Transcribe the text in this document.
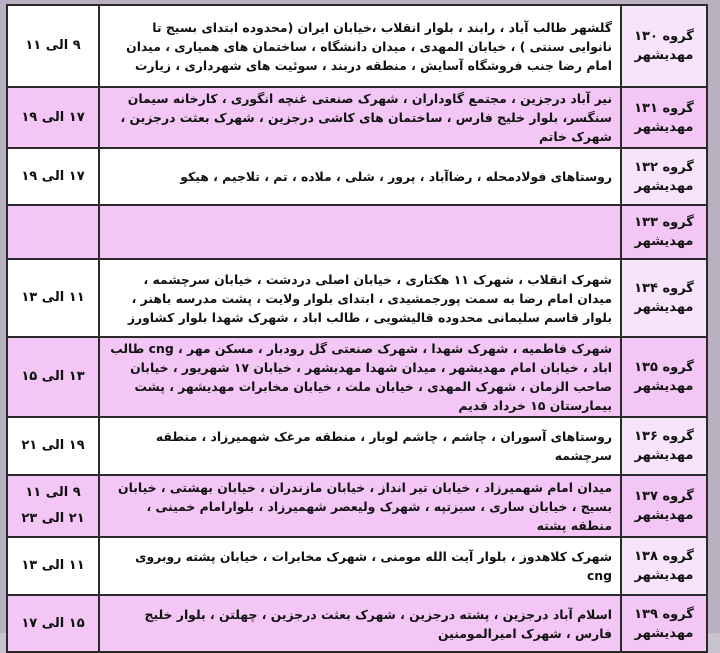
گروه ۱۳۰
مهدیشهر	گلشهر طالب آباد ، رابند ، بلوار انقلاب ،خیابان ایران (محدوده ابتدای بسیج تا نانوایی سنتی ) ، خیابان المهدی ، میدان دانشگاه ، ساختمان های همیاری ، میدان امام رضا جنب فروشگاه آسایش ، منطقه دربند ، سوئیت های شهرداری ، زیارت	۹ الی ۱۱

گروه ۱۳۱
مهدیشهر	نیر آباد درجزین ، مجتمع گاوداران ، شهرک صنعتی غنچه انگوری ، کارخانه سیمان سنگسر، بلوار خلیج فارس ، ساختمان های کاشی درجزین ، شهرک بعثت درجزین ، شهرک خاتم	۱۷ الی ۱۹

گروه ۱۳۲
مهدیشهر	روستاهای فولادمحله ، رضاآباد ، پرور ، شلی ، ملاده ، تم ، تلاجیم ، هیکو	۱۷ الی ۱۹

گروه ۱۳۳
مهدیشهر		

گروه ۱۳۴
مهدیشهر	شهرک انقلاب ، شهرک ۱۱ هکتاری ، خیابان اصلی دردشت ، خیابان سرچشمه ، میدان امام رضا به سمت پورجمشیدی ، ابتدای بلوار ولایت ، پشت مدرسه باهنر ، بلوار قاسم سلیمانی محدوده قالیشویی ، طالب اباد ، شهرک شهدا بلوار کشاورز	۱۱ الی ۱۳

گروه ۱۳۵
مهدیشهر	شهرک فاطمیه ، شهرک شهدا ، شهرک صنعتی گل رودبار ، مسکن مهر ، cng طالب اباد ، خیابان امام مهدیشهر ، میدان شهدا مهدیشهر ، خیابان ۱۷ شهریور ، خیابان صاحب الزمان ، شهرک المهدی ، خیابان ملت ، خیابان مخابرات مهدیشهر ، پشت بیمارستان ۱۵ خرداد قدیم	۱۳ الی ۱۵

گروه ۱۳۶
مهدیشهر	روستاهای آسوران ، چاشم ، چاشم لوبار ، منطقه مرغک شهمیرزاد ، منطقه سرچشمه	۱۹ الی ۲۱

گروه ۱۳۷
مهدیشهر	میدان امام شهمیرزاد ، خیابان تیر انداز ، خیابان مازندران ، خیابان بهشتی ، خیابان بسیج ، خیابان ساری ، سبزتپه ، شهرک ولیعصر شهمیرزاد ، بلوارامام خمینی ، منطقه پشته	۹ الی ۱۱
۲۱ الی ۲۳

گروه ۱۳۸
مهدیشهر	شهرک کلاهدوز ، بلوار آیت الله مومنی ، شهرک مخابرات ، خیابان پشته روبروی cng	۱۱ الی ۱۳

گروه ۱۳۹
مهدیشهر	اسلام آباد درجزین ، پشته درجزین ، شهرک بعثت درجزین ، چهلتن ، بلوار خلیج فارس ، شهرک امیرالمومنین	۱۵ الی ۱۷
